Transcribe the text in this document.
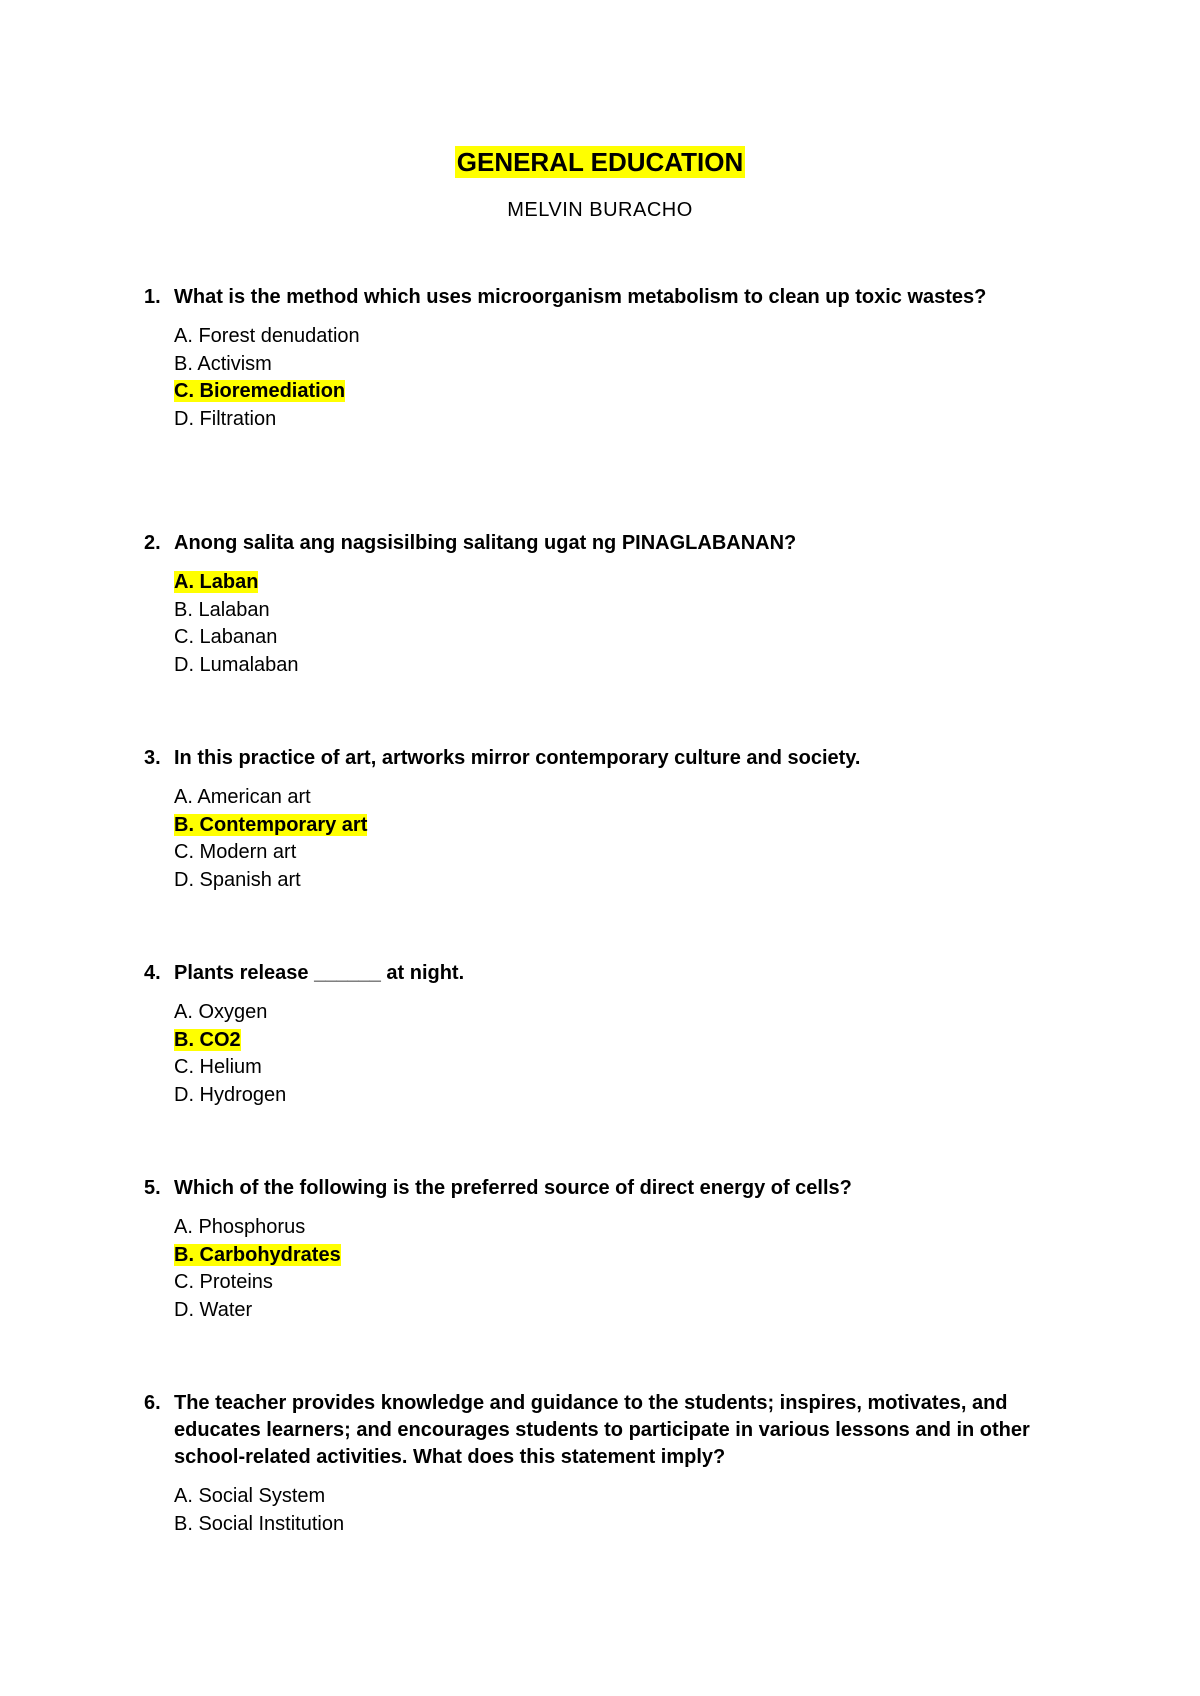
GENERAL EDUCATION
MELVIN BURACHO

1. What is the method which uses microorganism metabolism to clean up toxic wastes?

A. Forest denudation
B. Activism
C. Bioremediation
D. Filtration

2. Anong salita ang nagsisilbing salitang ugat ng PINAGLABANAN?

A. Laban
B. Lalaban
C. Labanan
D. Lumalaban

3. In this practice of art, artworks mirror contemporary culture and society.

A. American art
B. Contemporary art
C. Modern art
D. Spanish art

4. Plants release ______ at night.

A. Oxygen
B. CO2
C. Helium
D. Hydrogen

5. Which of the following is the preferred source of direct energy of cells?

A. Phosphorus
B. Carbohydrates
C. Proteins
D. Water

6. The teacher provides knowledge and guidance to the students; inspires, motivates, and educates learners; and encourages students to participate in various lessons and in other school-related activities. What does this statement imply?

A. Social System
B. Social Institution
